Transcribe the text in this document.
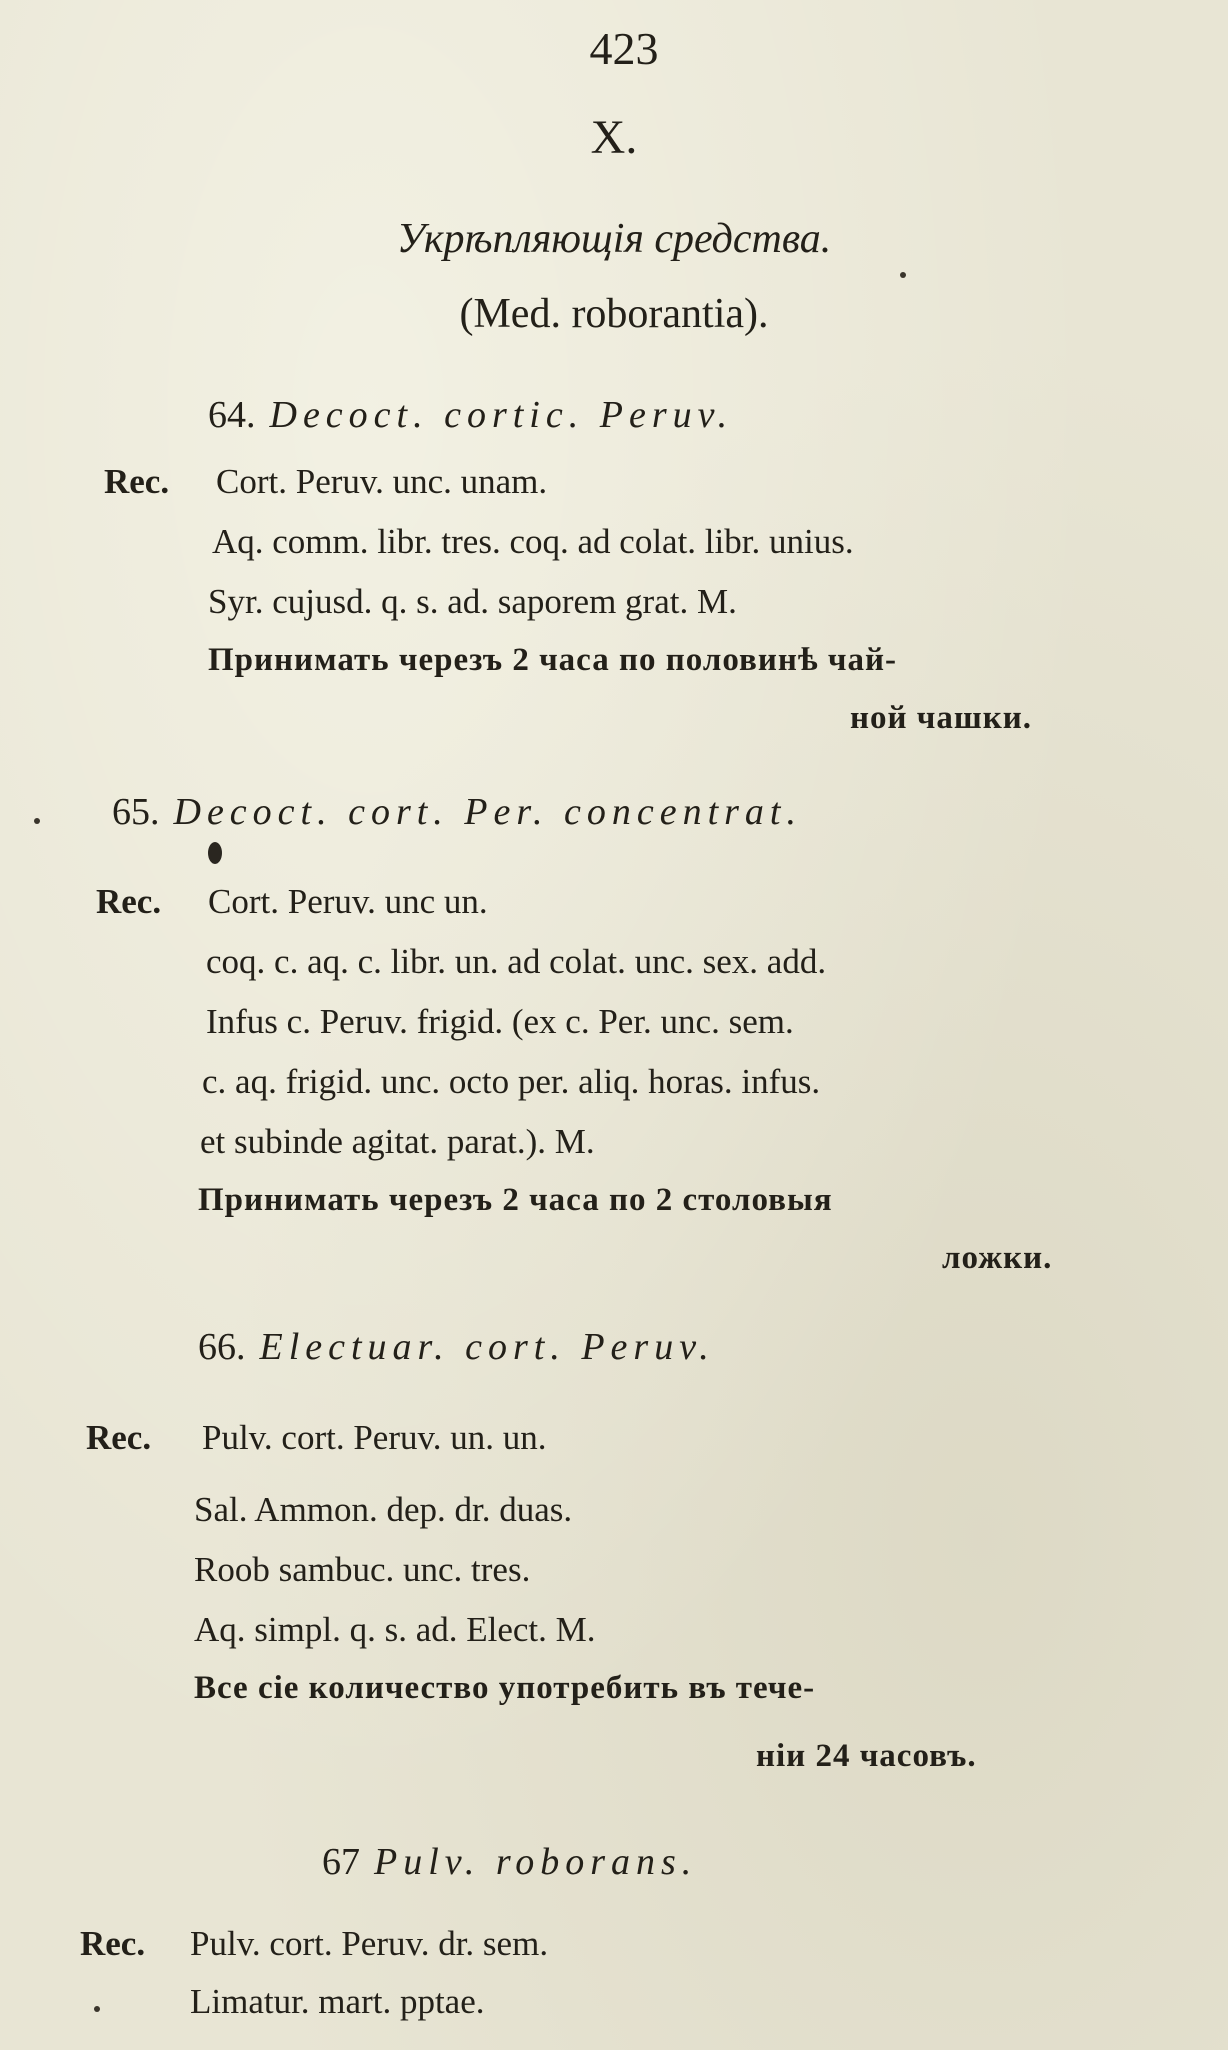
423
X.
Укрѣпляющія средства.
(Med. roborantia).
64. Decoct. cortic. Peruv.
Rec. Cort. Peruv. unc. unam.
Aq. comm. libr. tres. coq. ad colat. libr. unius.
Syr. cujusd. q. s. ad. saporem grat. M.
Принимать черезъ 2 часа по половинѣ чай-
ной чашки.
65. Decoct. cort. Per. concentrat.
Rec. Cort. Peruv. unc un.
coq. c. aq. c. libr. un. ad colat. unc. sex. add.
Infus c. Peruv. frigid. (ex c. Per. unc. sem.
c. aq. frigid. unc. octo per. aliq. horas. infus.
et subinde agitat. parat.). M.
Принимать черезъ 2 часа по 2 столовыя
ложки.
66. Electuar. cort. Peruv.
Rec. Pulv. cort. Peruv. un. un.
Sal. Ammon. dep. dr. duas.
Roob sambuc. unc. tres.
Aq. simpl. q. s. ad. Elect. M.
Все сіе количество употребить въ тече-
ніи 24 часовъ.
67 Pulv. roborans.
Rec. Pulv. cort. Peruv. dr. sem.
Limatur. mart. pptae.
